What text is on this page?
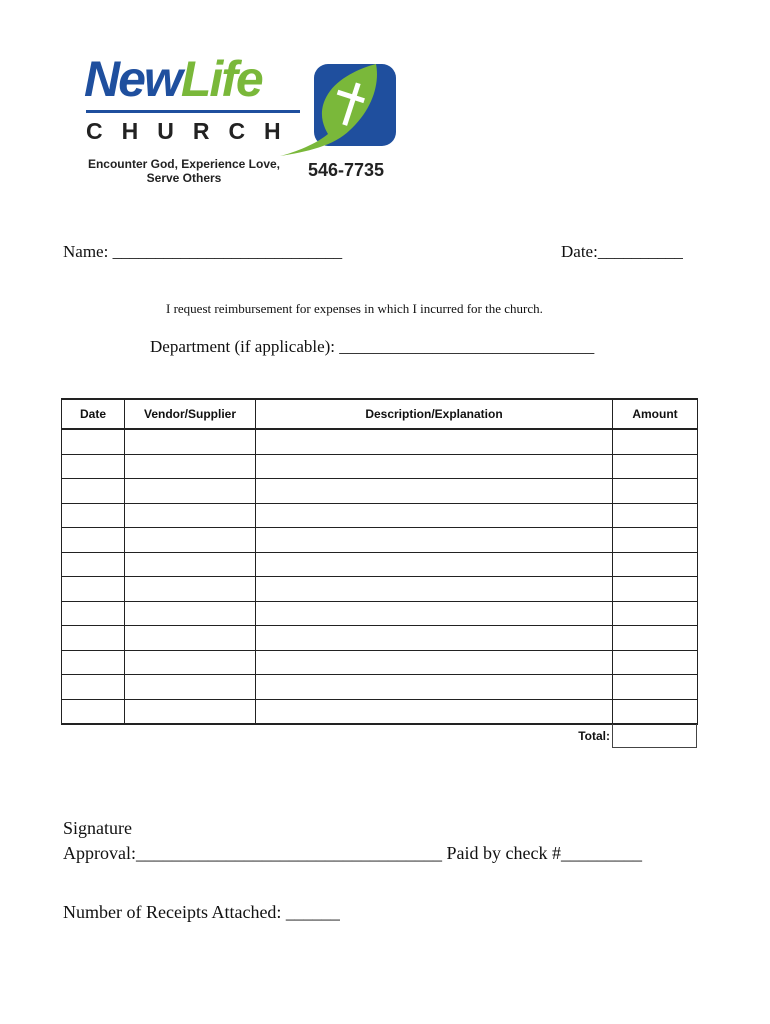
NewLife
CHURCH
Encounter God, Experience Love, Serve Others	546-7735
Name: ___________________________	Date:__________
I request reimbursement for expenses in which I incurred for the church.
Department (if applicable): ______________________________
Date	Vendor/Supplier	Description/Explanation	Amount

Total:
Signature
Approval:__________________________________ Paid by check #_________
Number of Receipts Attached: ______
